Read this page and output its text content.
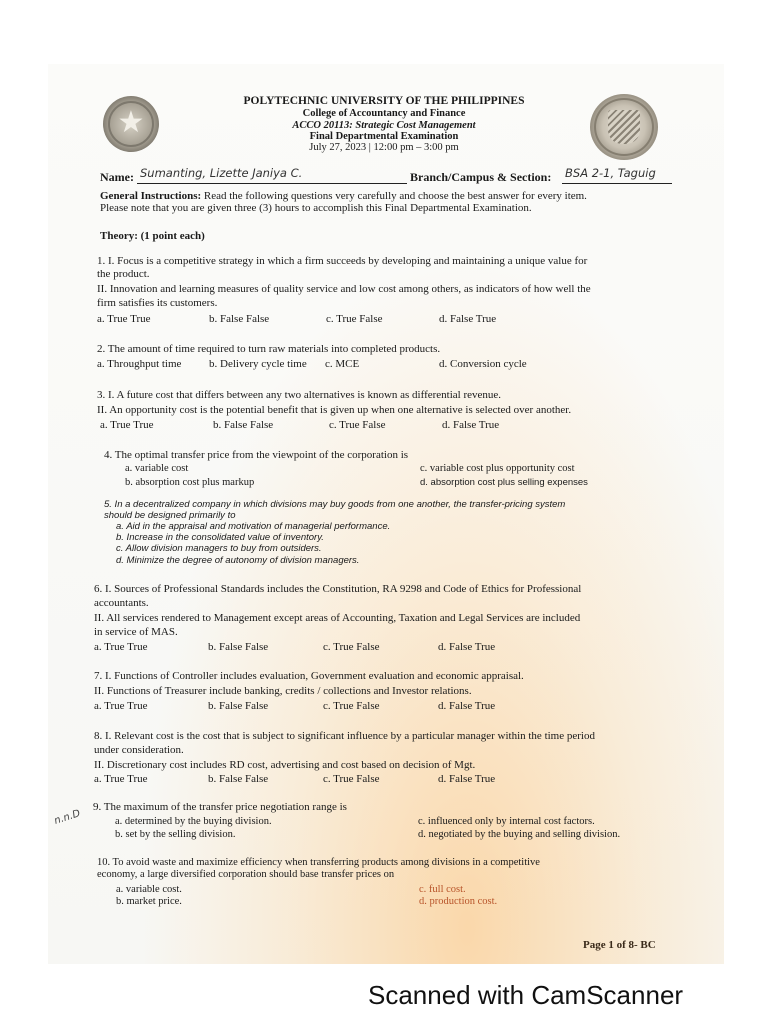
★
POLYTECHNIC UNIVERSITY OF THE PHILIPPINES
College of Accountancy and Finance
ACCO 20113: Strategic Cost Management
Final Departmental Examination
July 27, 2023 | 12:00 pm – 3:00 pm
Name: Sumanting, Lizette Janiya C.	Branch/Campus & Section: BSA 2-1, Taguig
General Instructions: Read the following questions very carefully and choose the best answer for every item.
Please note that you are given three (3) hours to accomplish this Final Departmental Examination.
Theory: (1 point each)
1. I. Focus is a competitive strategy in which a firm succeeds by developing and maintaining a unique value for
the product.
II. Innovation and learning measures of quality service and low cost among others, as indicators of how well the
firm satisfies its customers.
a. True True	b. False False	c. True False	d. False True
2. The amount of time required to turn raw materials into completed products.
a. Throughput time	b. Delivery cycle time c. MCE	d. Conversion cycle
3. I. A future cost that differs between any two alternatives is known as differential revenue.
II. An opportunity cost is the potential benefit that is given up when one alternative is selected over another.
a. True True	b. False False	c. True False	d. False True
4. The optimal transfer price from the viewpoint of the corporation is
a. variable cost
b. absorption cost plus markup
c. variable cost plus opportunity cost
d. absorption cost plus selling expenses
5. In a decentralized company in which divisions may buy goods from one another, the transfer-pricing system
should be designed primarily to
a. Aid in the appraisal and motivation of managerial performance.
b. Increase in the consolidated value of inventory.
c. Allow division managers to buy from outsiders.
d. Minimize the degree of autonomy of division managers.
6. I. Sources of Professional Standards includes the Constitution, RA 9298 and Code of Ethics for Professional
accountants.
II. All services rendered to Management except areas of Accounting, Taxation and Legal Services are included
in service of MAS.
a. True True	b. False False	c. True False	d. False True
7. I. Functions of Controller includes evaluation, Government evaluation and economic appraisal.
II. Functions of Treasurer include banking, credits / collections and Investor relations.
a. True True	b. False False	c. True False	d. False True
8. I. Relevant cost is the cost that is subject to significant influence by a particular manager within the time period
under consideration.
II. Discretionary cost includes RD cost, advertising and cost based on decision of Mgt.
a. True True	b. False False	c. True False	d. False True
n.n.D
9. The maximum of the transfer price negotiation range is
a. determined by the buying division.
b. set by the selling division.
c. influenced only by internal cost factors.
d. negotiated by the buying and selling division.
10. To avoid waste and maximize efficiency when transferring products among divisions in a competitive
economy, a large diversified corporation should base transfer prices on
a. variable cost.
b. market price.
c. full cost.
d. production cost.
Page 1 of 8- BC
Scanned with CamScanner
